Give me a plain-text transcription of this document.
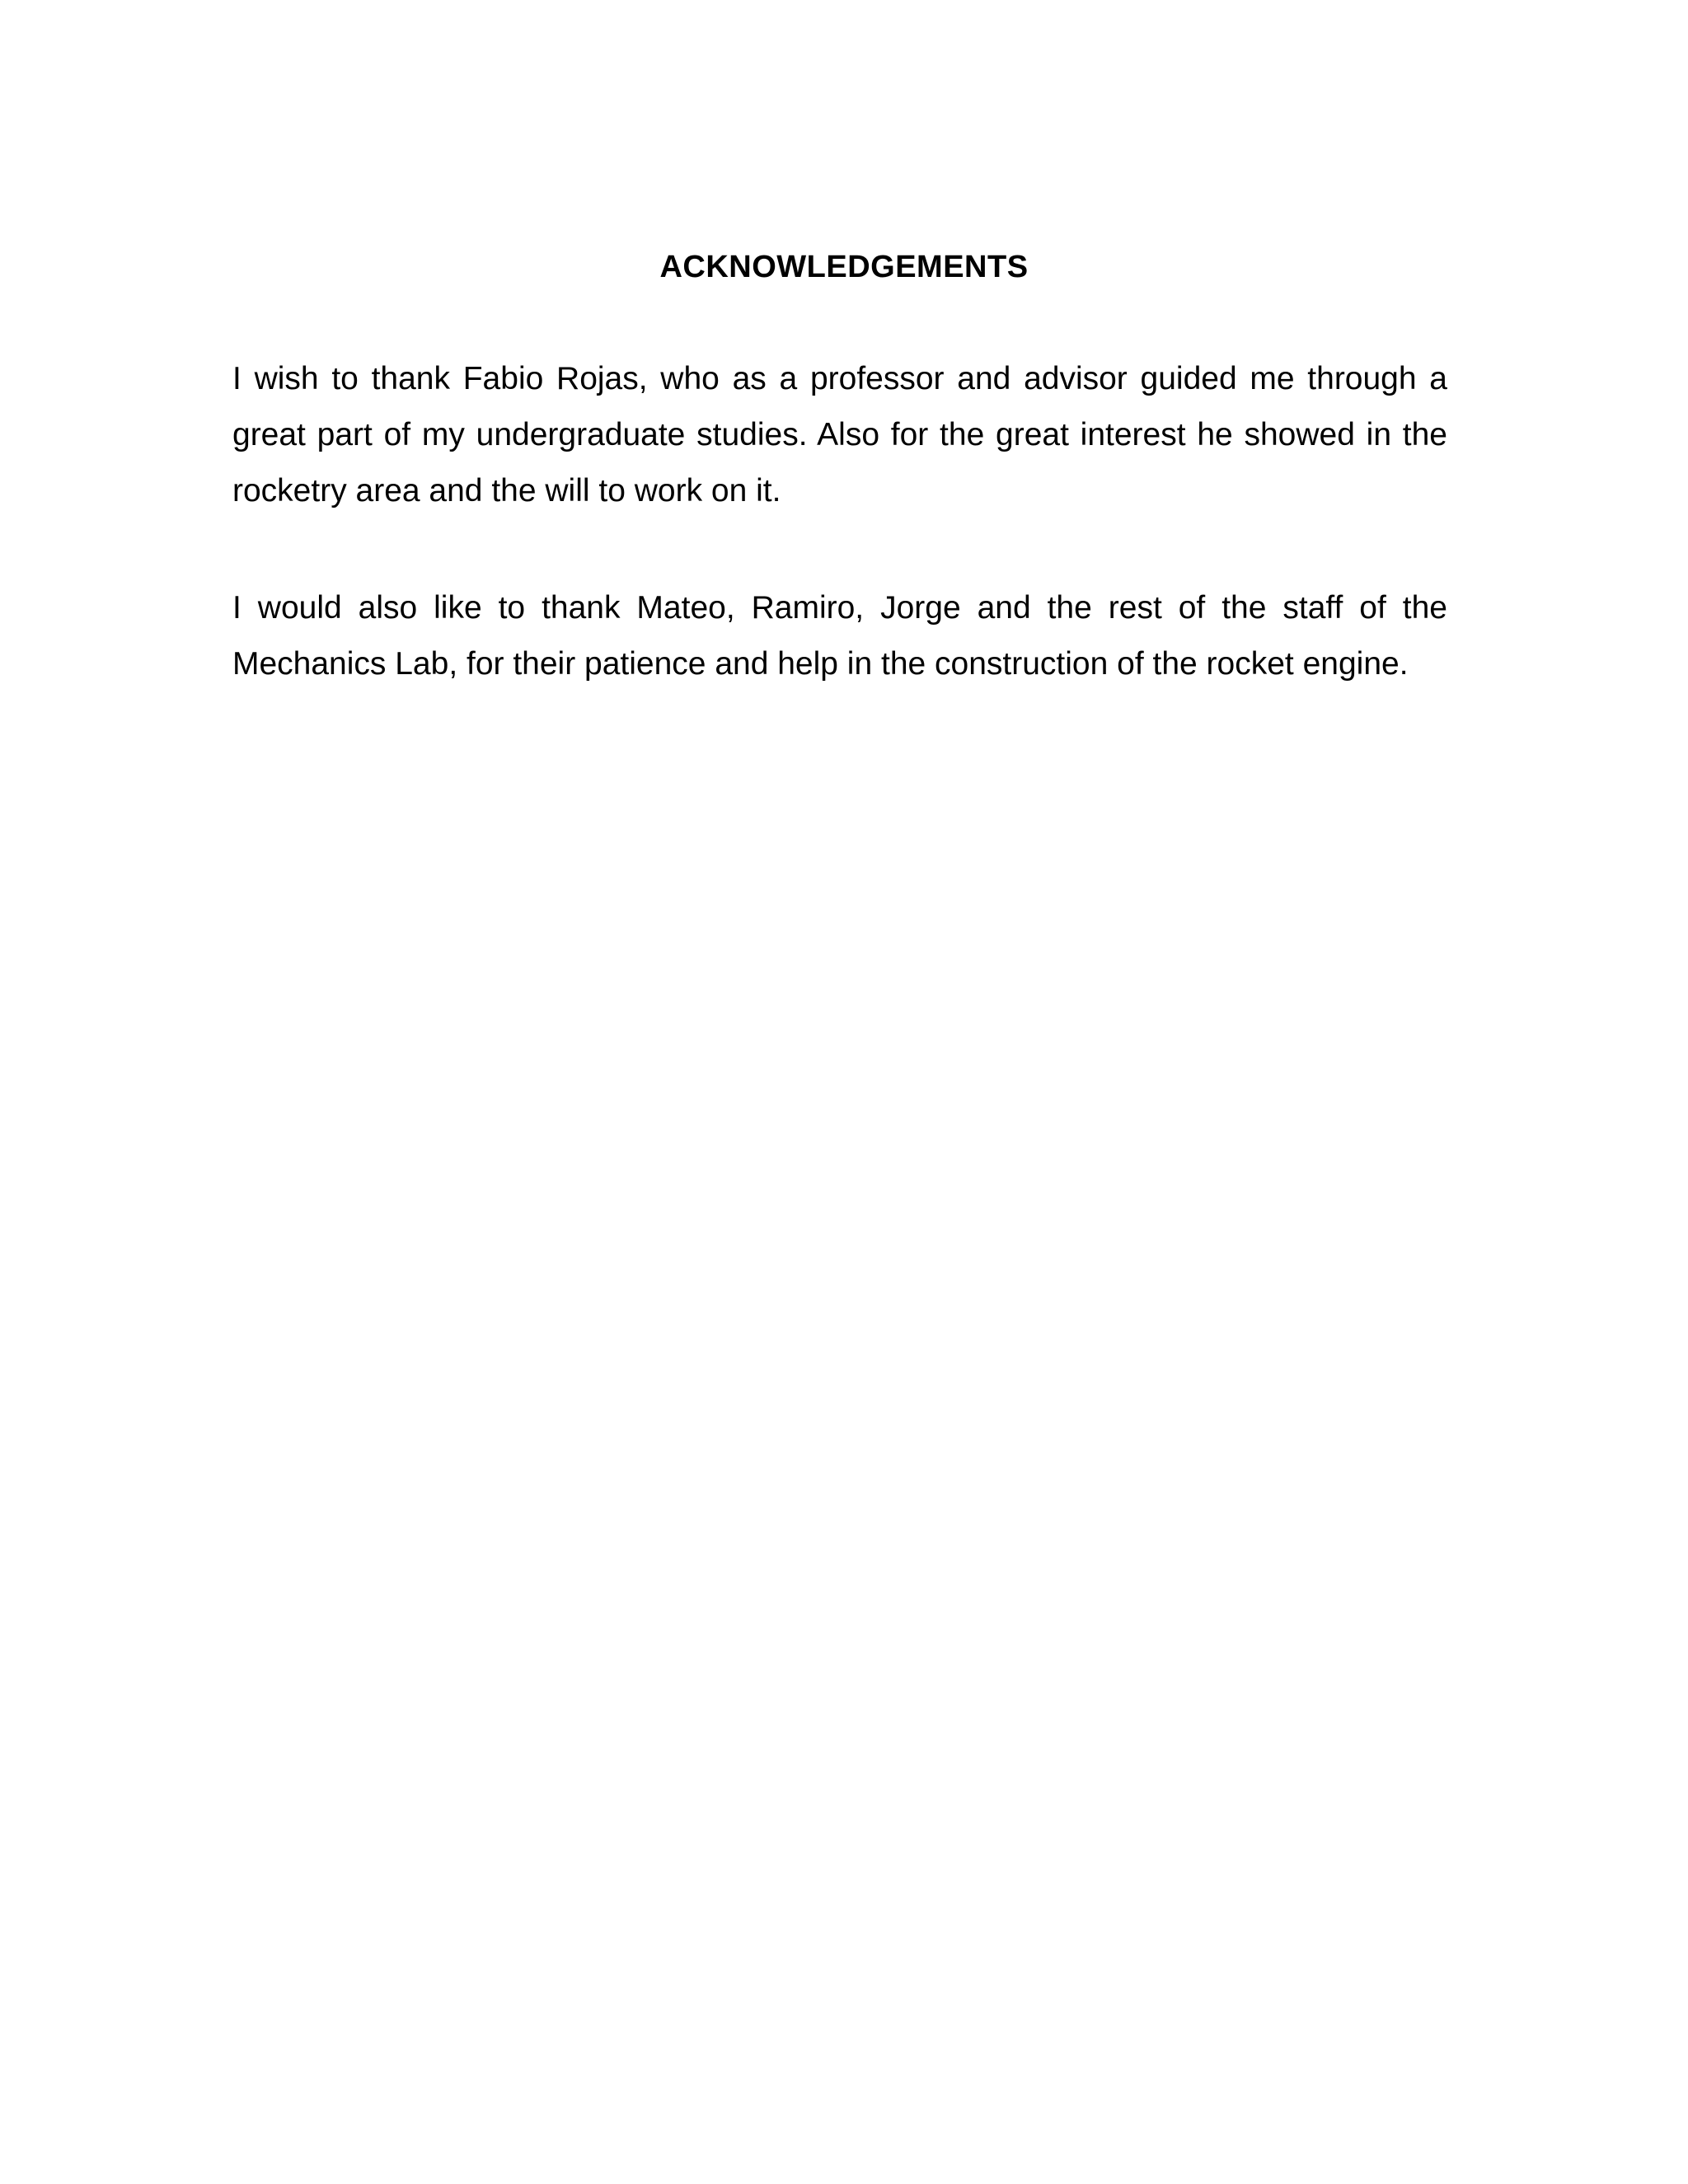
ACKNOWLEDGEMENTS

I wish to thank Fabio Rojas, who as a professor and advisor guided me through a great part of my undergraduate studies. Also for the great interest he showed in the rocketry area and the will to work on it.

I would also like to thank Mateo, Ramiro, Jorge and the rest of the staff of the Mechanics Lab, for their patience and help in the construction of the rocket engine.
